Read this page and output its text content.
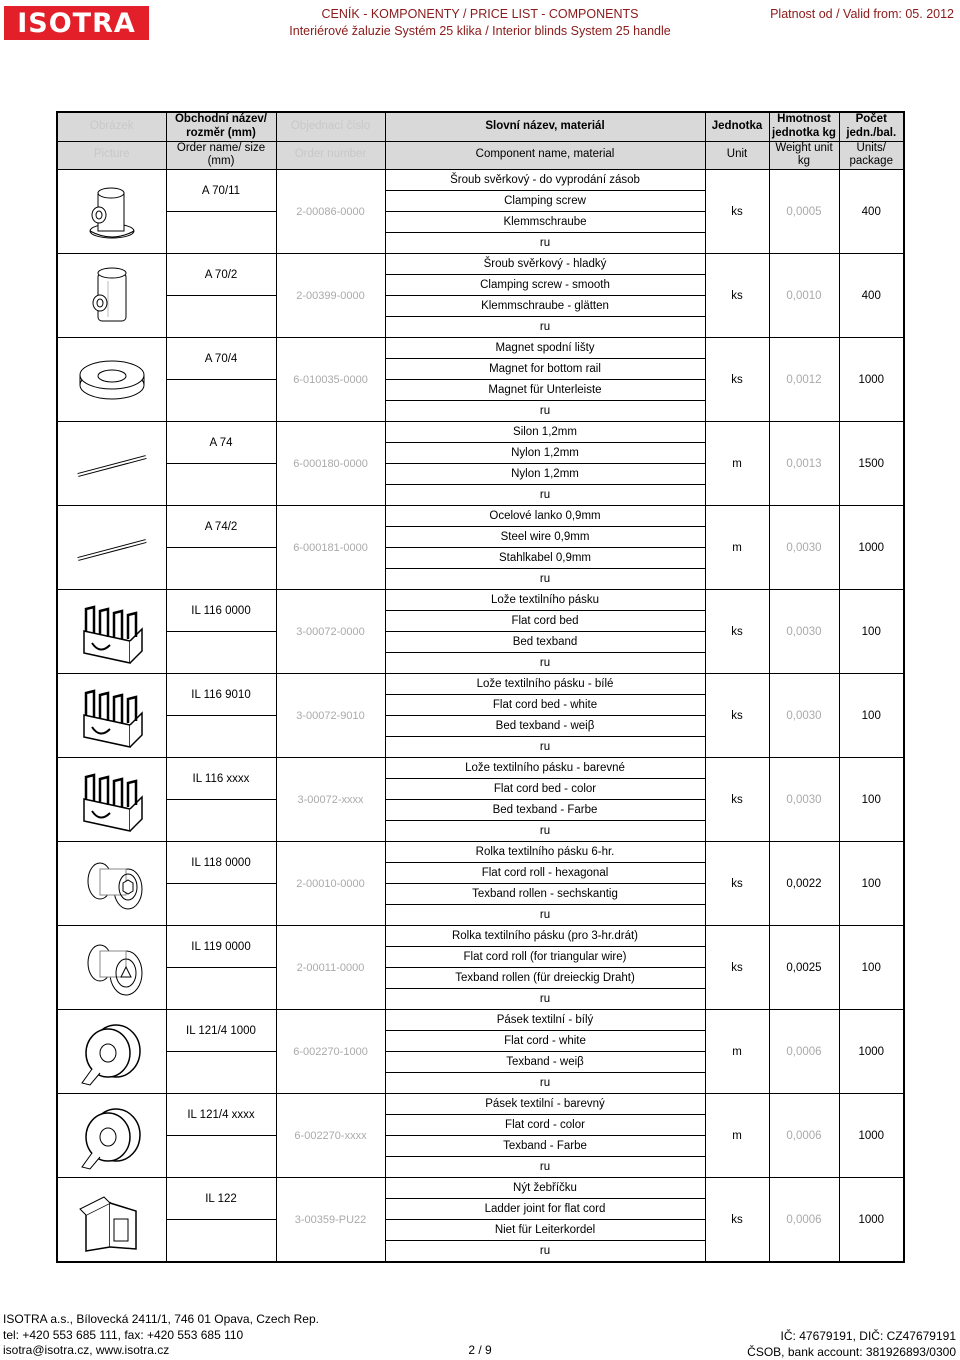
ISOTRA	CENÍK - KOMPONENTY / PRICE LIST - COMPONENTS
Interiérové žaluzie Systém 25 klika / Interior blinds System 25 handle
Platnost od / Valid from: 05. 2012
Obrázek	Obchodní název/ rozměr (mm)	Objednací číslo	Slovní název, materiál	Jednotka	Hmotnost jednotka kg	Počet jedn./bal.
Picture	Order name/ size (mm)	Order number	Component name, material	Unit	Weight unit kg	Units/ package

	A 70/11	2-00086-0000	Šroub svěrkový - do vyprodání zásob	ks	0,0005	400
			Clamping screw			
			Klemmschraube			
			ru			

	A 70/2	2-00399-0000	Šroub svěrkový - hladký	ks	0,0010	400
			Clamping screw - smooth			
			Klemmschraube - glätten			
			ru			

	A 70/4	6-010035-0000	Magnet spodní lišty	ks	0,0012	1000
			Magnet for bottom rail			
			Magnet für Unterleiste			
			ru			

	A 74	6-000180-0000	Silon 1,2mm	m	0,0013	1500
			Nylon 1,2mm			
			Nylon 1,2mm			
			ru			

	A 74/2	6-000181-0000	Ocelové lanko 0,9mm	m	0,0030	1000
			Steel wire 0,9mm			
			Stahlkabel 0,9mm			
			ru			

	IL 116 0000	3-00072-0000	Lože textilního pásku	ks	0,0030	100
			Flat cord bed			
			Bed texband			
			ru			

	IL 116 9010	3-00072-9010	Lože textilního pásku - bílé	ks	0,0030	100
			Flat cord bed - white			
			Bed texband - weiβ			
			ru			

	IL 116 xxxx	3-00072-xxxx	Lože textilního pásku - barevné	ks	0,0030	100
			Flat cord bed - color			
			Bed texband - Farbe			
			ru			

	IL 118 0000	2-00010-0000	Rolka textilního pásku 6-hr.	ks	0,0022	100
			Flat cord roll - hexagonal			
			Texband rollen - sechskantig			
			ru			

	IL 119 0000	2-00011-0000	Rolka textilního pásku (pro 3-hr.drát)	ks	0,0025	100
			Flat cord roll (for triangular wire)			
			Texband rollen (für dreieckig Draht)			
			ru			

	IL 121/4 1000	6-002270-1000	Pásek textilní - bílý	m	0,0006	1000
			Flat cord - white			
			Texband - weiβ			
			ru			

	IL 121/4 xxxx	6-002270-xxxx	Pásek textilní - barevný	m	0,0006	1000
			Flat cord - color			
			Texband - Farbe			
			ru			

	IL 122	3-00359-PU22	Nýt žebříčku	ks	0,0006	1000
			Ladder joint for flat cord			
			Niet für Leiterkordel			
			ru			
ISOTRA a.s., Bílovecká 2411/1, 746 01 Opava, Czech Rep.
tel: +420 553 685 111, fax: +420 553 685 110
isotra@isotra.cz, www.isotra.cz	2 / 9
IČ: 47679191, DIČ: CZ47679191
ČSOB, bank account: 381926893/0300
